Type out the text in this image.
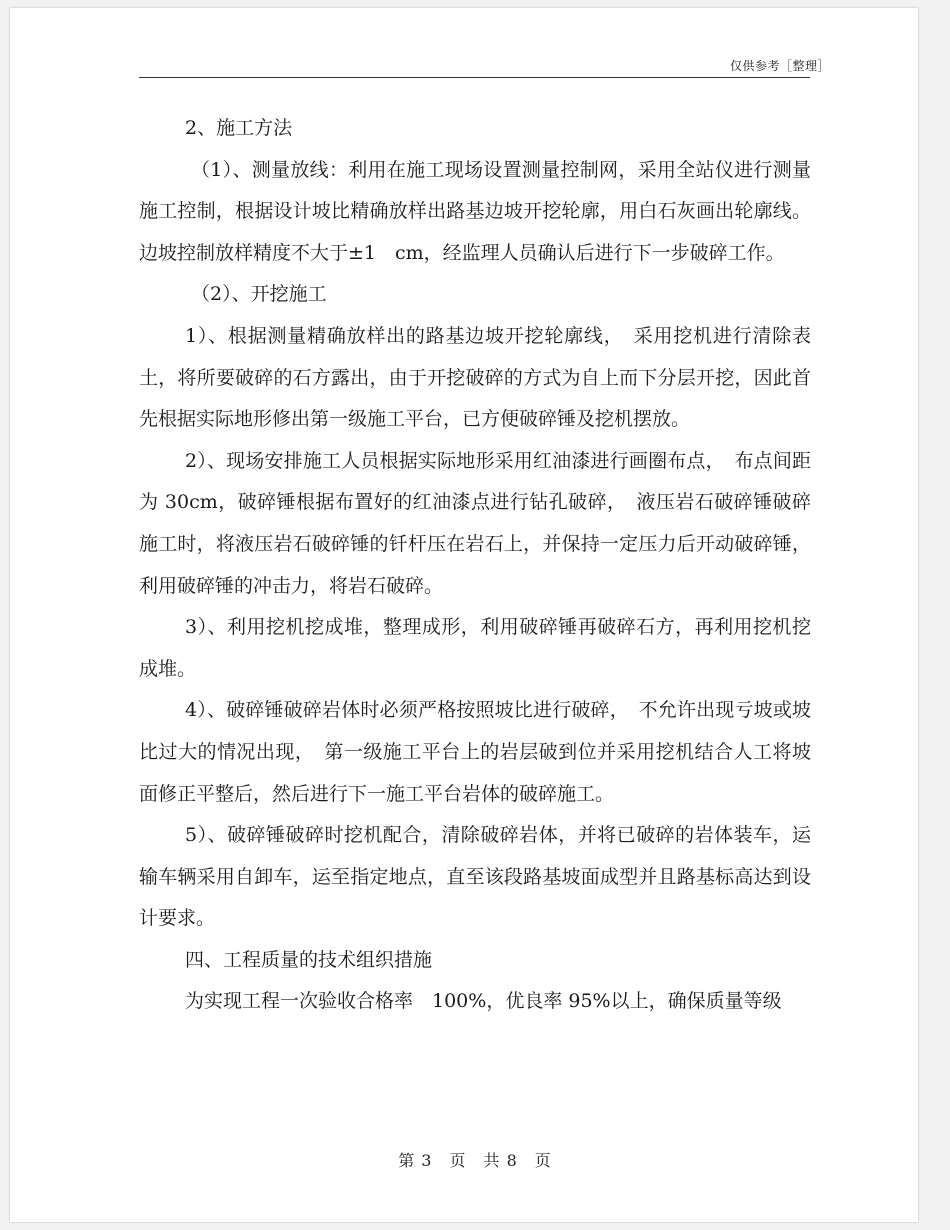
仅供参考［整理］

2、施工方法

（1）、测量放线：利用在施工现场设置测量控制网，采用全站仪进行测量施工控制，根据设计坡比精确放样出路基边坡开挖轮廓，用白石灰画出轮廓线。边坡控制放样精度不大于±1　cm，经监理人员确认后进行下一步破碎工作。

（2）、开挖施工

1）、根据测量精确放样出的路基边坡开挖轮廓线，　采用挖机进行清除表土，将所要破碎的石方露出，由于开挖破碎的方式为自上而下分层开挖，因此首先根据实际地形修出第一级施工平台，已方便破碎锤及挖机摆放。

2）、现场安排施工人员根据实际地形采用红油漆进行画圈布点，　布点间距为 30cm，破碎锤根据布置好的红油漆点进行钻孔破碎，　液压岩石破碎锤破碎施工时，将液压岩石破碎锤的钎杆压在岩石上，并保持一定压力后开动破碎锤，利用破碎锤的冲击力，将岩石破碎。

3）、利用挖机挖成堆，整理成形，利用破碎锤再破碎石方，再利用挖机挖成堆。

4）、破碎锤破碎岩体时必须严格按照坡比进行破碎，　不允许出现亏坡或坡比过大的情况出现，　第一级施工平台上的岩层破到位并采用挖机结合人工将坡面修正平整后，然后进行下一施工平台岩体的破碎施工。

5）、破碎锤破碎时挖机配合，清除破碎岩体，并将已破碎的岩体装车，运输车辆采用自卸车，运至指定地点，直至该段路基坡面成型并且路基标高达到设计要求。

四、工程质量的技术组织措施

为实现工程一次验收合格率　100%，优良率 95%以上，确保质量等级

第 3　页　共 8　页
